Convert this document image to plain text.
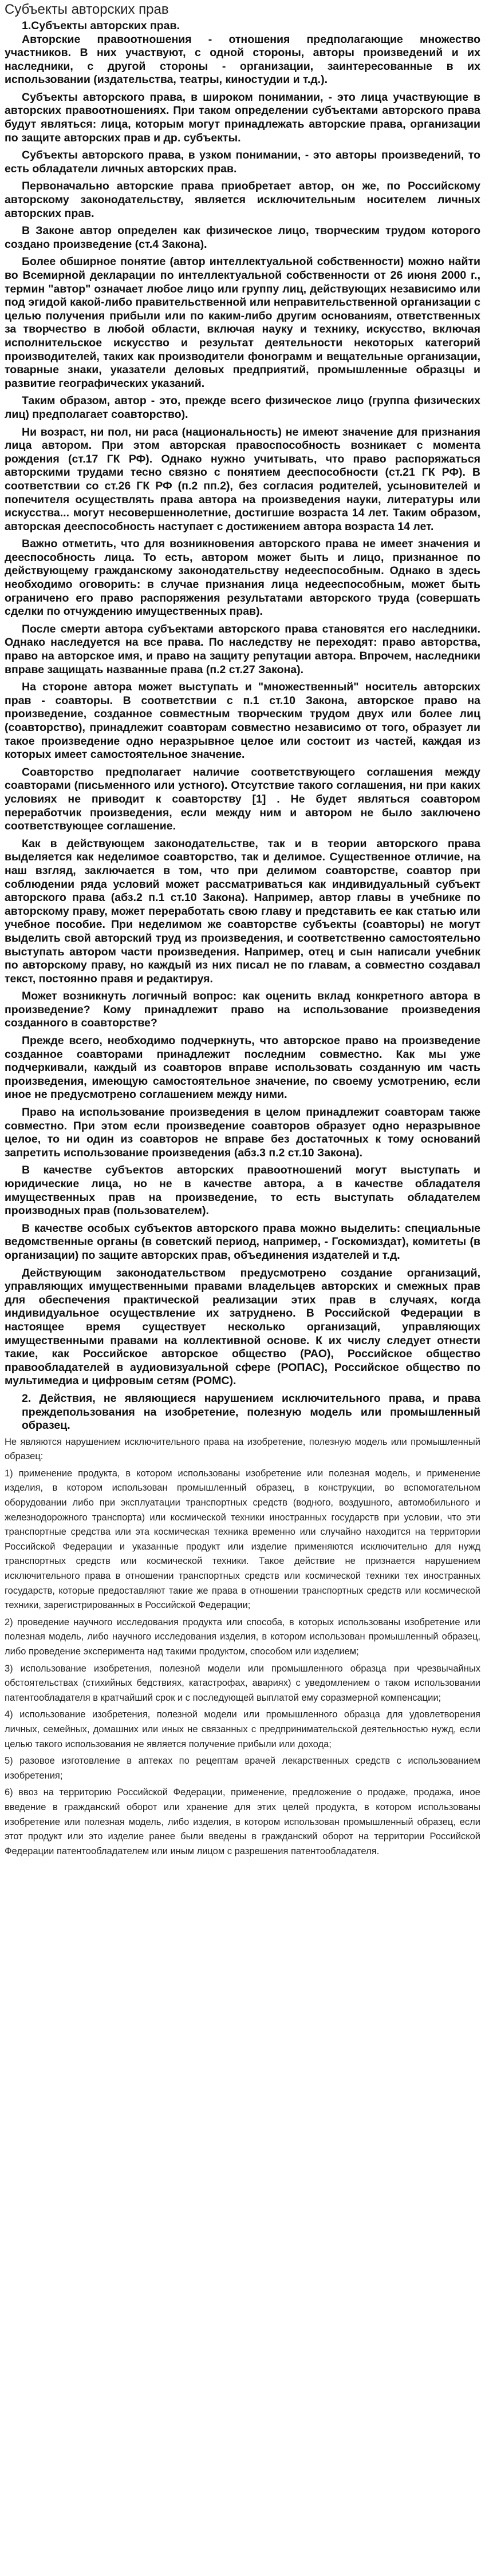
Субъекты авторских прав
1.Субъекты авторских прав.

Авторские правоотношения - отношения предполагающие множество участников. В них участвуют, с одной стороны, авторы произведений и их наследники, с другой стороны - организации, заинтересованные в их использовании (издательства, театры, киностудии и т.д.).

Субъекты авторского права, в широком понимании, - это лица участвующие в авторских правоотношениях. При таком определении субъектами авторского права будут являться: лица, которым могут принадлежать авторские права, организации по защите авторских прав и др. субъекты.

Субъекты авторского права, в узком понимании, - это авторы произведений, то есть обладатели личных авторских прав.

Первоначально авторские права приобретает автор, он же, по Российскому авторскому законодательству, является исключительным носителем личных авторских прав.

В Законе автор определен как физическое лицо, творческим трудом которого создано произведение (ст.4 Закона).

Более обширное понятие (автор интеллектуальной собственности) можно найти во Всемирной декларации по интеллектуальной собственности от 26 июня 2000 г., термин "автор" означает любое лицо или группу лиц, действующих независимо или под эгидой какой-либо правительственной или неправительственной организации с целью получения прибыли или по каким-либо другим основаниям, ответственных за творчество в любой области, включая науку и технику, искусство, включая исполнительское искусство и результат деятельности некоторых категорий производителей, таких как производители фонограмм и вещательные организации, товарные знаки, указатели деловых предприятий, промышленные образцы и развитие географических указаний.

Таким образом, автор - это, прежде всего физическое лицо (группа физических лиц) предполагает соавторство).

Ни возраст, ни пол, ни раса (национальность) не имеют значение для признания лица автором. При этом авторская правоспособность возникает с момента рождения (ст.17 ГК РФ). Однако нужно учитывать, что право распоряжаться авторскими трудами тесно связно с понятием дееспособности (ст.21 ГК РФ). В соответствии со ст.26 ГК РФ (п.2 пп.2), без согласия родителей, усыновителей и попечителя осуществлять права автора на произведения науки, литературы или искусства... могут несовершеннолетние, достигшие возраста 14 лет. Таким образом, авторская дееспособность наступает с достижением автора возраста 14 лет.

Важно отметить, что для возникновения авторского права не имеет значения и дееспособность лица. То есть, автором может быть и лицо, признанное по действующему гражданскому законодательству недееспособным. Однако в здесь необходимо оговорить: в случае признания лица недееспособным, может быть ограничено его право распоряжения результатами авторского труда (совершать сделки по отчуждению имущественных прав).

После смерти автора субъектами авторского права становятся его наследники. Однако наследуется на все права. По наследству не переходят: право авторства, право на авторское имя, и право на защиту репутации автора. Впрочем, наследники вправе защищать названные права (п.2 ст.27 Закона).

На стороне автора может выступать и "множественный" носитель авторских прав - соавторы. В соответствии с п.1 ст.10 Закона, авторское право на произведение, созданное совместным творческим трудом двух или более лиц (соавторство), принадлежит соавторам совместно независимо от того, образует ли такое произведение одно неразрывное целое или состоит из частей, каждая из которых имеет самостоятельное значение.

Соавторство предполагает наличие соответствующего соглашения между соавторами (письменного или устного). Отсутствие такого соглашения, ни при каких условиях не приводит к соавторству [1] . Не будет являться соавтором переработчик произведения, если между ним и автором не было заключено соответствующее соглашение.

Как в действующем законодательстве, так и в теории авторского права выделяется как неделимое соавторство, так и делимое. Существенное отличие, на наш взгляд, заключается в том, что при делимом соавторстве, соавтор при соблюдении ряда условий может рассматриваться как индивидуальный субъект авторского права (абз.2 п.1 ст.10 Закона). Например, автор главы в учебнике по авторскому праву, может переработать свою главу и представить ее как статью или учебное пособие. При неделимом же соавторстве субъекты (соавторы) не могут выделить свой авторский труд из произведения, и соответственно самостоятельно выступать автором части произведения. Например, отец и сын написали учебник по авторскому праву, но каждый из них писал не по главам, а совместно создавал текст, постоянно правя и редактируя.

Может возникнуть логичный вопрос: как оценить вклад конкретного автора в произведение? Кому принадлежит право на использование произведения созданного в соавторстве?

Прежде всего, необходимо подчеркнуть, что авторское право на произведение созданное соавторами принадлежит последним совместно. Как мы уже подчеркивали, каждый из соавторов вправе использовать созданную им часть произведения, имеющую самостоятельное значение, по своему усмотрению, если иное не предусмотрено соглашением между ними.

Право на использование произведения в целом принадлежит соавторам также совместно. При этом если произведение соавторов образует одно неразрывное целое, то ни один из соавторов не вправе без достаточных к тому оснований запретить использование произведения (абз.3 п.2 ст.10 Закона).

В качестве субъектов авторских правоотношений могут выступать и юридические лица, но не в качестве автора, а в качестве обладателя имущественных прав на произведение, то есть выступать обладателем производных прав (пользователем).

В качестве особых субъектов авторского права можно выделить: специальные ведомственные органы (в советский период, например, - Госкомиздат), комитеты (в организации) по защите авторских прав, объединения издателей и т.д.

Действующим законодательством предусмотрено создание организаций, управляющих имущественными правами владельцев авторских и смежных прав для обеспечения практической реализации этих прав в случаях, когда индивидуальное осуществление их затруднено. В Российской Федерации в настоящее время существует несколько организаций, управляющих имущественными правами на коллективной основе. К их числу следует отнести такие, как Российское авторское общество (РАО), Российское общество правообладателей в аудиовизуальной сфере (РОПАС), Российское общество по мультимедиа и цифровым сетям (РОМС).

2. Действия, не являющиеся нарушением исключительного права, и права преждепользования на изобретение, полезную модель или промышленный образец.

Не являются нарушением исключительного права на изобретение, полезную модель или промышленный образец:

1) применение продукта, в котором использованы изобретение или полезная модель, и применение изделия, в котором использован промышленный образец, в конструкции, во вспомогательном оборудовании либо при эксплуатации транспортных средств (водного, воздушного, автомобильного и железнодорожного транспорта) или космической техники иностранных государств при условии, что эти транспортные средства или эта космическая техника временно или случайно находится на территории Российской Федерации и указанные продукт или изделие применяются исключительно для нужд транспортных средств или космической техники. Такое действие не признается нарушением исключительного права в отношении транспортных средств или космической техники тех иностранных государств, которые предоставляют такие же права в отношении транспортных средств или космической техники, зарегистрированных в Российской Федерации;

2) проведение научного исследования продукта или способа, в которых использованы изобретение или полезная модель, либо научного исследования изделия, в котором использован промышленный образец, либо проведение эксперимента над такими продуктом, способом или изделием;

3) использование изобретения, полезной модели или промышленного образца при чрезвычайных обстоятельствах (стихийных бедствиях, катастрофах, авариях) с уведомлением о таком использовании патентообладателя в кратчайший срок и с последующей выплатой ему соразмерной компенсации;

4) использование изобретения, полезной модели или промышленного образца для удовлетворения личных, семейных, домашних или иных не связанных с предпринимательской деятельностью нужд, если целью такого использования не является получение прибыли или дохода;

5) разовое изготовление в аптеках по рецептам врачей лекарственных средств с использованием изобретения;

6) ввоз на территорию Российской Федерации, применение, предложение о продаже, продажа, иное введение в гражданский оборот или хранение для этих целей продукта, в котором использованы изобретение или полезная модель, либо изделия, в котором использован промышленный образец, если этот продукт или это изделие ранее были введены в гражданский оборот на территории Российской Федерации патентообладателем или иным лицом с разрешения патентообладателя.
